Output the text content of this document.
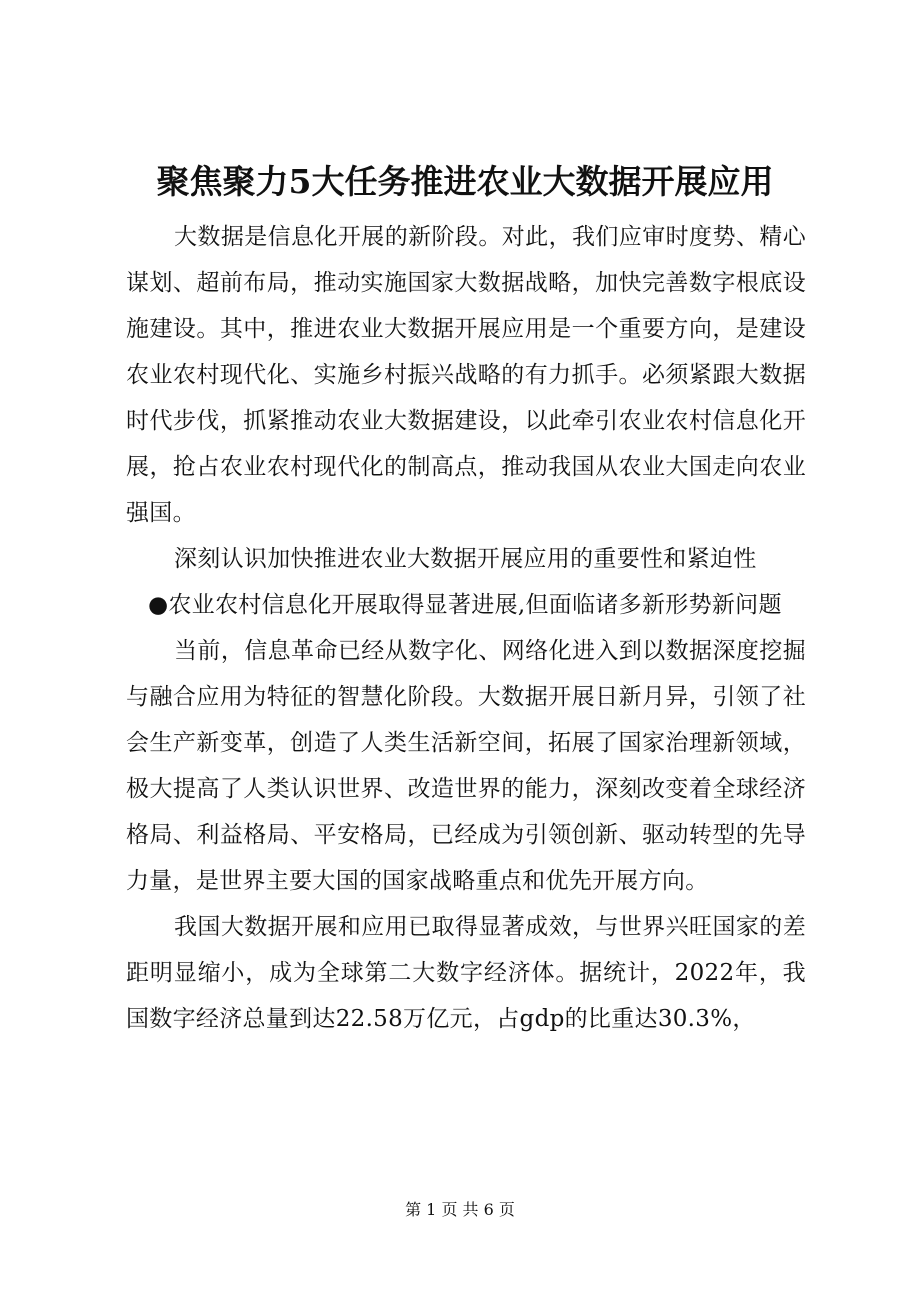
聚焦聚力5大任务推进农业大数据开展应用

大数据是信息化开展的新阶段。对此，我们应审时度势、精心谋划、超前布局，推动实施国家大数据战略，加快完善数字根底设施建设。其中，推进农业大数据开展应用是一个重要方向，是建设农业农村现代化、实施乡村振兴战略的有力抓手。必须紧跟大数据时代步伐，抓紧推动农业大数据建设，以此牵引农业农村信息化开展，抢占农业农村现代化的制高点，推动我国从农业大国走向农业强国。

深刻认识加快推进农业大数据开展应用的重要性和紧迫性

●农业农村信息化开展取得显著进展,但面临诸多新形势新问题

当前，信息革命已经从数字化、网络化进入到以数据深度挖掘与融合应用为特征的智慧化阶段。大数据开展日新月异，引领了社会生产新变革，创造了人类生活新空间，拓展了国家治理新领域，极大提高了人类认识世界、改造世界的能力，深刻改变着全球经济格局、利益格局、平安格局，已经成为引领创新、驱动转型的先导力量，是世界主要大国的国家战略重点和优先开展方向。

我国大数据开展和应用已取得显著成效，与世界兴旺国家的差距明显缩小，成为全球第二大数字经济体。据统计，2022年，我国数字经济总量到达22.58万亿元，占gdp的比重达30.3%，

第 1 页 共 6 页
